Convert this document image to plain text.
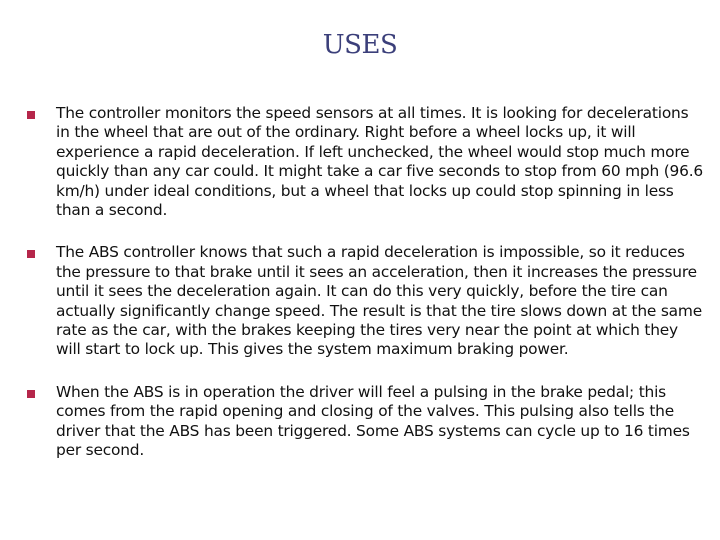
USES
The controller monitors the speed sensors at all times. It is looking for decelerations in the wheel that are out of the ordinary. Right before a wheel locks up, it will experience a rapid deceleration. If left unchecked, the wheel would stop much more quickly than any car could. It might take a car five seconds to stop from 60 mph (96.6 km/h) under ideal conditions, but a wheel that locks up could stop spinning in less than a second.
The ABS controller knows that such a rapid deceleration is impossible, so it reduces the pressure to that brake until it sees an acceleration, then it increases the pressure until it sees the deceleration again. It can do this very quickly, before the tire can actually significantly change speed. The result is that the tire slows down at the same rate as the car, with the brakes keeping the tires very near the point at which they will start to lock up. This gives the system maximum braking power.
When the ABS is in operation the driver will feel a pulsing in the brake pedal; this comes from the rapid opening and closing of the valves. This pulsing also tells the driver that the ABS has been triggered. Some ABS systems can cycle up to 16 times per second.
